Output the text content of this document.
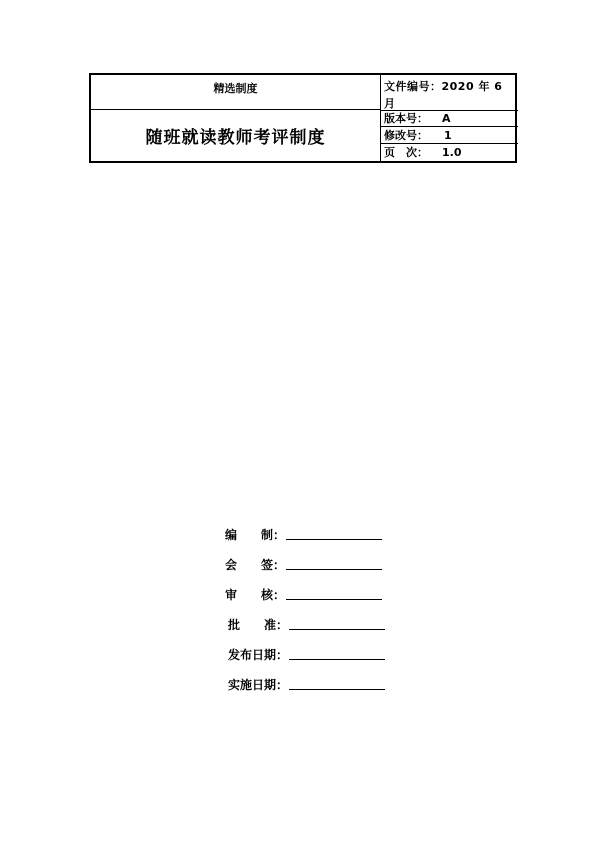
精选制度
随班就读教师考评制度
文件编号：2020 年 6 月
版本号：	A
修改号：	1
页　次：	1.0
编　　制：
会　　签：
审　　核：
批　　准：
发布日期：
实施日期：
